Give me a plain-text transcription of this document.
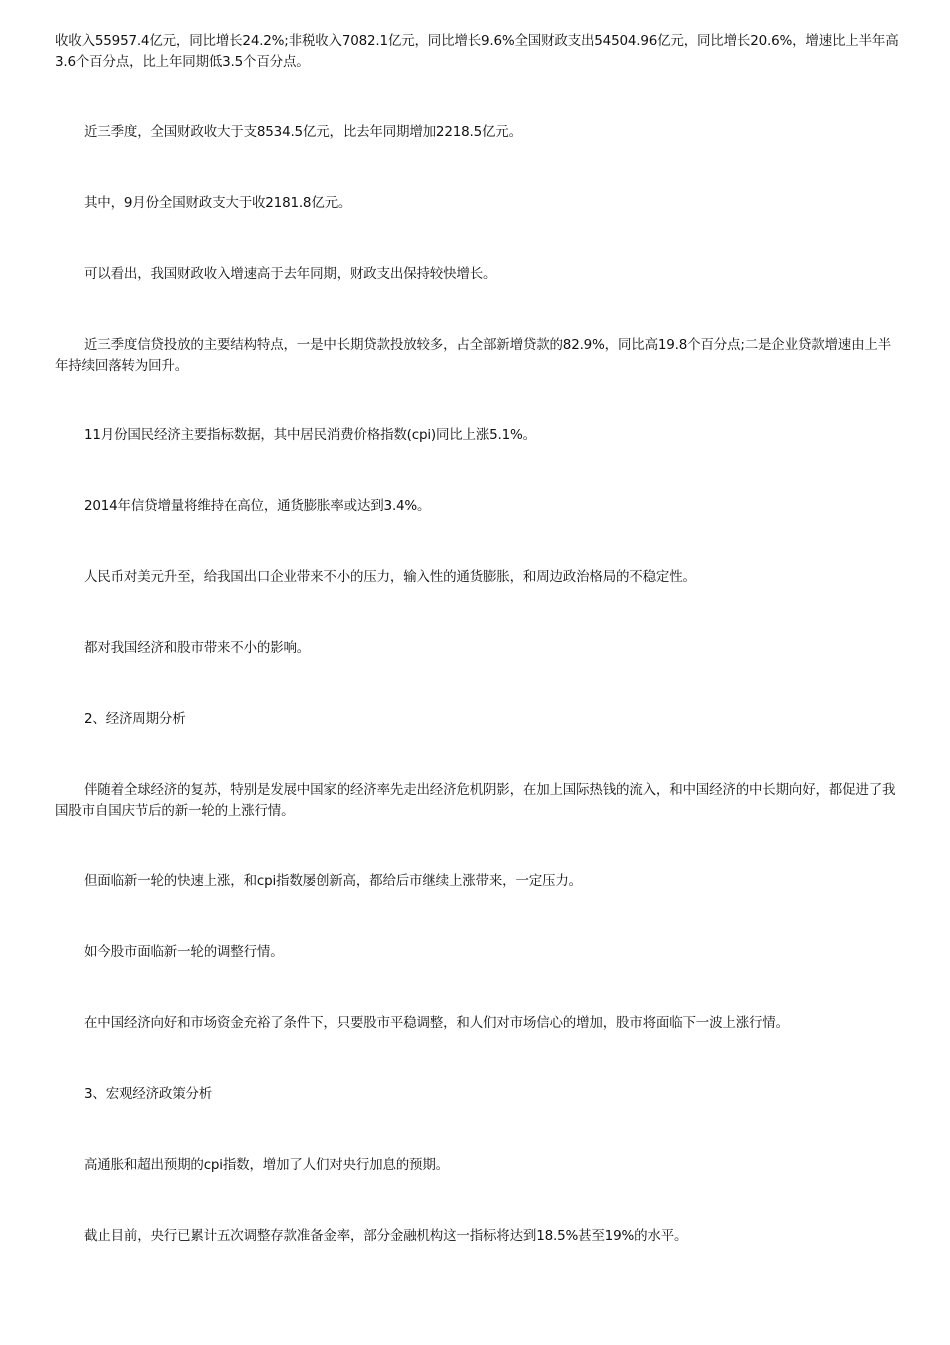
收收入55957.4亿元，同比增长24.2%;非税收入7082.1亿元，同比增长9.6%全国财政支出54504.96亿元，同比增长20.6%，增速比上半年高3.6个百分点，比上年同期低3.5个百分点。

近三季度，全国财政收大于支8534.5亿元，比去年同期增加2218.5亿元。

其中，9月份全国财政支大于收2181.8亿元。

可以看出，我国财政收入增速高于去年同期，财政支出保持较快增长。

近三季度信贷投放的主要结构特点，一是中长期贷款投放较多，占全部新增贷款的82.9%，同比高19.8个百分点;二是企业贷款增速由上半年持续回落转为回升。

11月份国民经济主要指标数据，其中居民消费价格指数(cpi)同比上涨5.1%。

2014年信贷增量将维持在高位，通货膨胀率或达到3.4%。

人民币对美元升至，给我国出口企业带来不小的压力，输入性的通货膨胀，和周边政治格局的不稳定性。

都对我国经济和股市带来不小的影响。

2、经济周期分析

伴随着全球经济的复苏，特别是发展中国家的经济率先走出经济危机阴影，在加上国际热钱的流入，和中国经济的中长期向好，都促进了我国股市自国庆节后的新一轮的上涨行情。

但面临新一轮的快速上涨，和cpi指数屡创新高，都给后市继续上涨带来，一定压力。

如今股市面临新一轮的调整行情。

在中国经济向好和市场资金充裕了条件下，只要股市平稳调整，和人们对市场信心的增加，股市将面临下一波上涨行情。

3、宏观经济政策分析

高通胀和超出预期的cpi指数，增加了人们对央行加息的预期。

截止目前，央行已累计五次调整存款准备金率，部分金融机构这一指标将达到18.5%甚至19%的水平。
